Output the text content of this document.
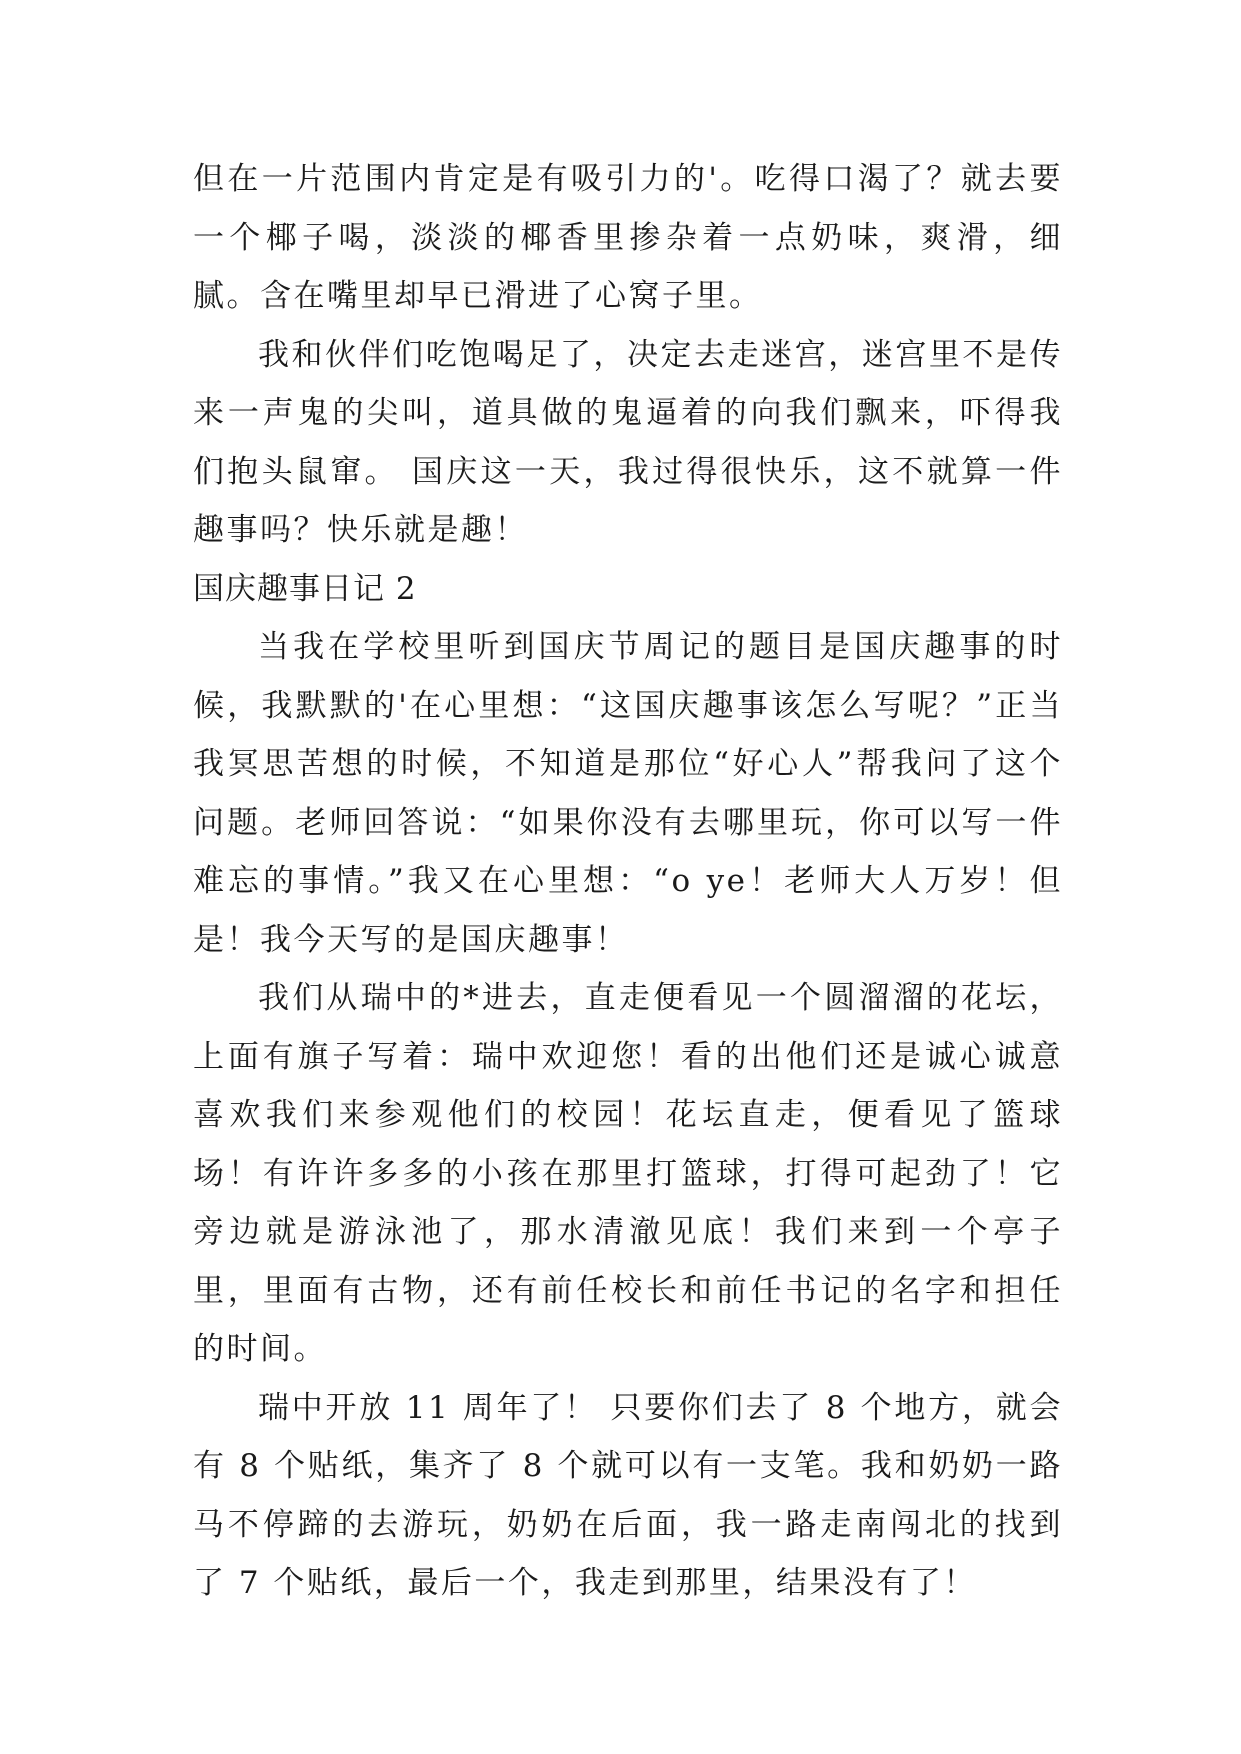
但在一片范围内肯定是有吸引力的'。吃得口渴了？就去要一个椰子喝，淡淡的椰香里掺杂着一点奶味，爽滑，细腻。含在嘴里却早已滑进了心窝子里。

我和伙伴们吃饱喝足了，决定去走迷宫，迷宫里不是传来一声鬼的尖叫，道具做的鬼逼着的向我们飘来，吓得我们抱头鼠窜。 国庆这一天，我过得很快乐，这不就算一件趣事吗？快乐就是趣！

国庆趣事日记 2

当我在学校里听到国庆节周记的题目是国庆趣事的时候，我默默的'在心里想：“这国庆趣事该怎么写呢？”正当我冥思苦想的时候，不知道是那位“好心人”帮我问了这个问题。老师回答说：“如果你没有去哪里玩，你可以写一件难忘的事情。”我又在心里想：“o ye！老师大人万岁！但是！我今天写的是国庆趣事！

我们从瑞中的*进去，直走便看见一个圆溜溜的花坛，上面有旗子写着：瑞中欢迎您！看的出他们还是诚心诚意喜欢我们来参观他们的校园！花坛直走，便看见了篮球场！有许许多多的小孩在那里打篮球，打得可起劲了！它旁边就是游泳池了，那水清澈见底！我们来到一个亭子里，里面有古物，还有前任校长和前任书记的名字和担任的时间。

瑞中开放 11 周年了！ 只要你们去了 8 个地方，就会有 8 个贴纸，集齐了 8 个就可以有一支笔。我和奶奶一路马不停蹄的去游玩，奶奶在后面，我一路走南闯北的找到了 7 个贴纸，最后一个，我走到那里，结果没有了！
